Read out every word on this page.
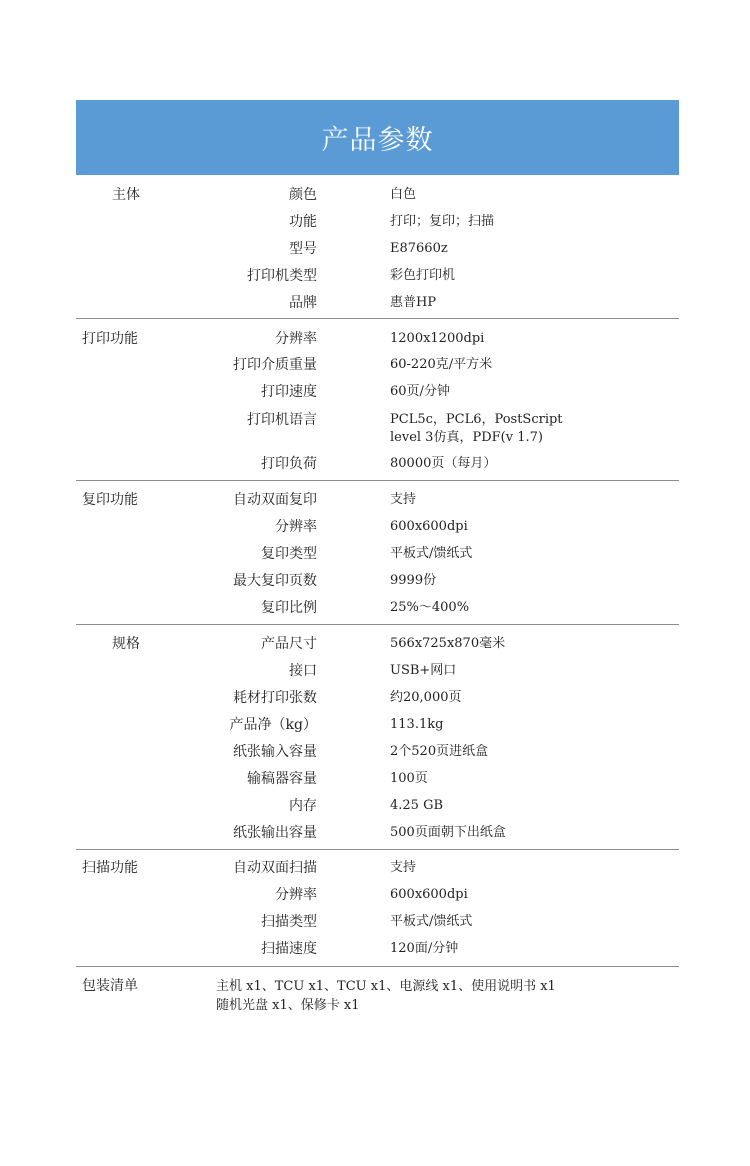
产品参数
主体	颜色	白色
功能	打印；复印；扫描
型号	E87660z
打印机类型	彩色打印机
品牌	惠普HP
打印功能	分辨率	1200x1200dpi
打印介质重量	60-220克/平方米
打印速度	60页/分钟
打印机语言	PCL5c，PCL6，PostScript
level 3仿真，PDF(v 1.7)
打印负荷	80000页（每月）
复印功能	自动双面复印	支持
分辨率	600x600dpi
复印类型	平板式/馈纸式
最大复印页数	9999份
复印比例	25%～400%
规格	产品尺寸	566x725x870毫米
接口	USB+网口
耗材打印张数	约20,000页
产品净（kg）	113.1kg
纸张输入容量	2个520页进纸盒
输稿器容量	100页
内存	4.25 GB
纸张输出容量	500页面朝下出纸盒
扫描功能	自动双面扫描	支持
分辨率	600x600dpi
扫描类型	平板式/馈纸式
扫描速度	120面/分钟
包装清单	主机 x1、TCU x1、TCU x1、电源线 x1、使用说明书 x1
随机光盘 x1、保修卡 x1
